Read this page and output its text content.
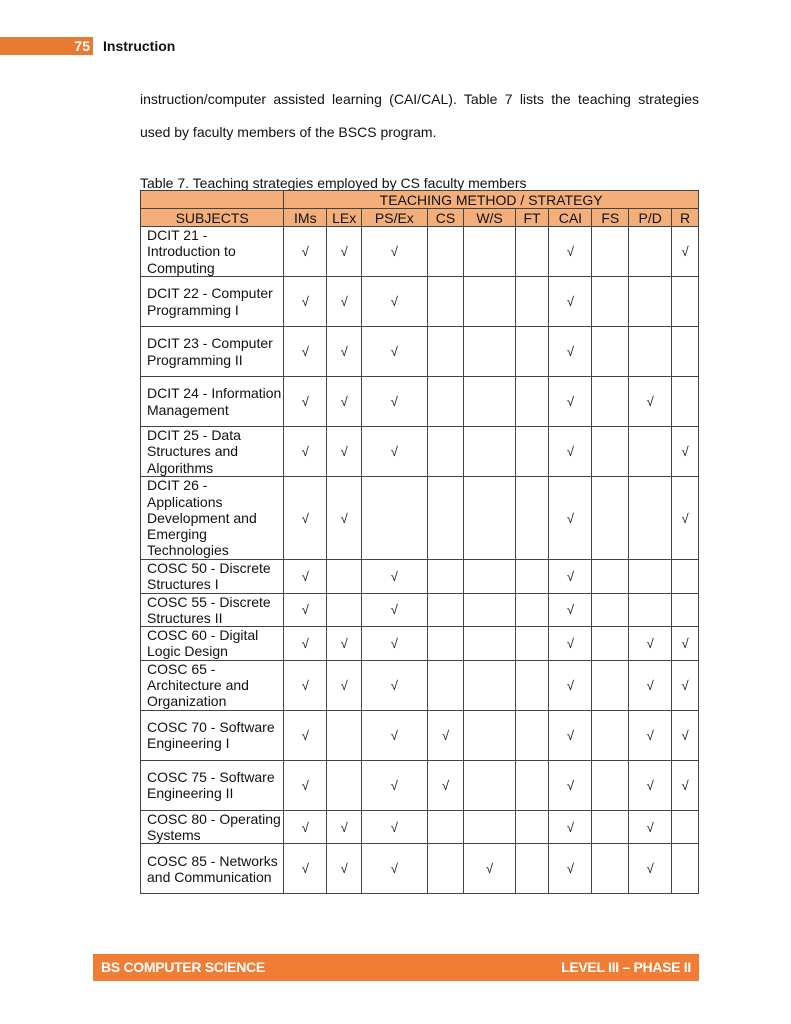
75 Instruction
instruction/computer assisted learning (CAI/CAL). Table 7 lists the teaching strategies
used by faculty members of the BSCS program.
Table 7. Teaching strategies employed by CS faculty members
	TEACHING METHOD / STRATEGY									
SUBJECTS	IMs	LEx	PS/Ex	CS	W/S	FT	CAI	FS	P/D	R
DCIT 21 - Introduction to Computing	√	√	√				√			√
DCIT 22 - Computer Programming I	√	√	√				√			
DCIT 23 - Computer Programming II	√	√	√				√			
DCIT 24 - Information Management	√	√	√				√		√	
DCIT 25 - Data Structures and Algorithms	√	√	√				√			√
DCIT 26 - Applications Development and Emerging Technologies	√	√					√			√
COSC 50 - Discrete Structures I	√		√				√			
COSC 55 - Discrete Structures II	√		√				√			
COSC 60 - Digital Logic Design	√	√	√				√		√	√
COSC 65 - Architecture and Organization	√	√	√				√		√	√
COSC 70 - Software Engineering I	√		√	√			√		√	√
COSC 75 - Software Engineering II	√		√	√			√		√	√
COSC 80 - Operating Systems	√	√	√				√		√	
COSC 85 - Networks and Communication	√	√	√		√		√		√	
BS COMPUTER SCIENCE	LEVEL III – PHASE II
